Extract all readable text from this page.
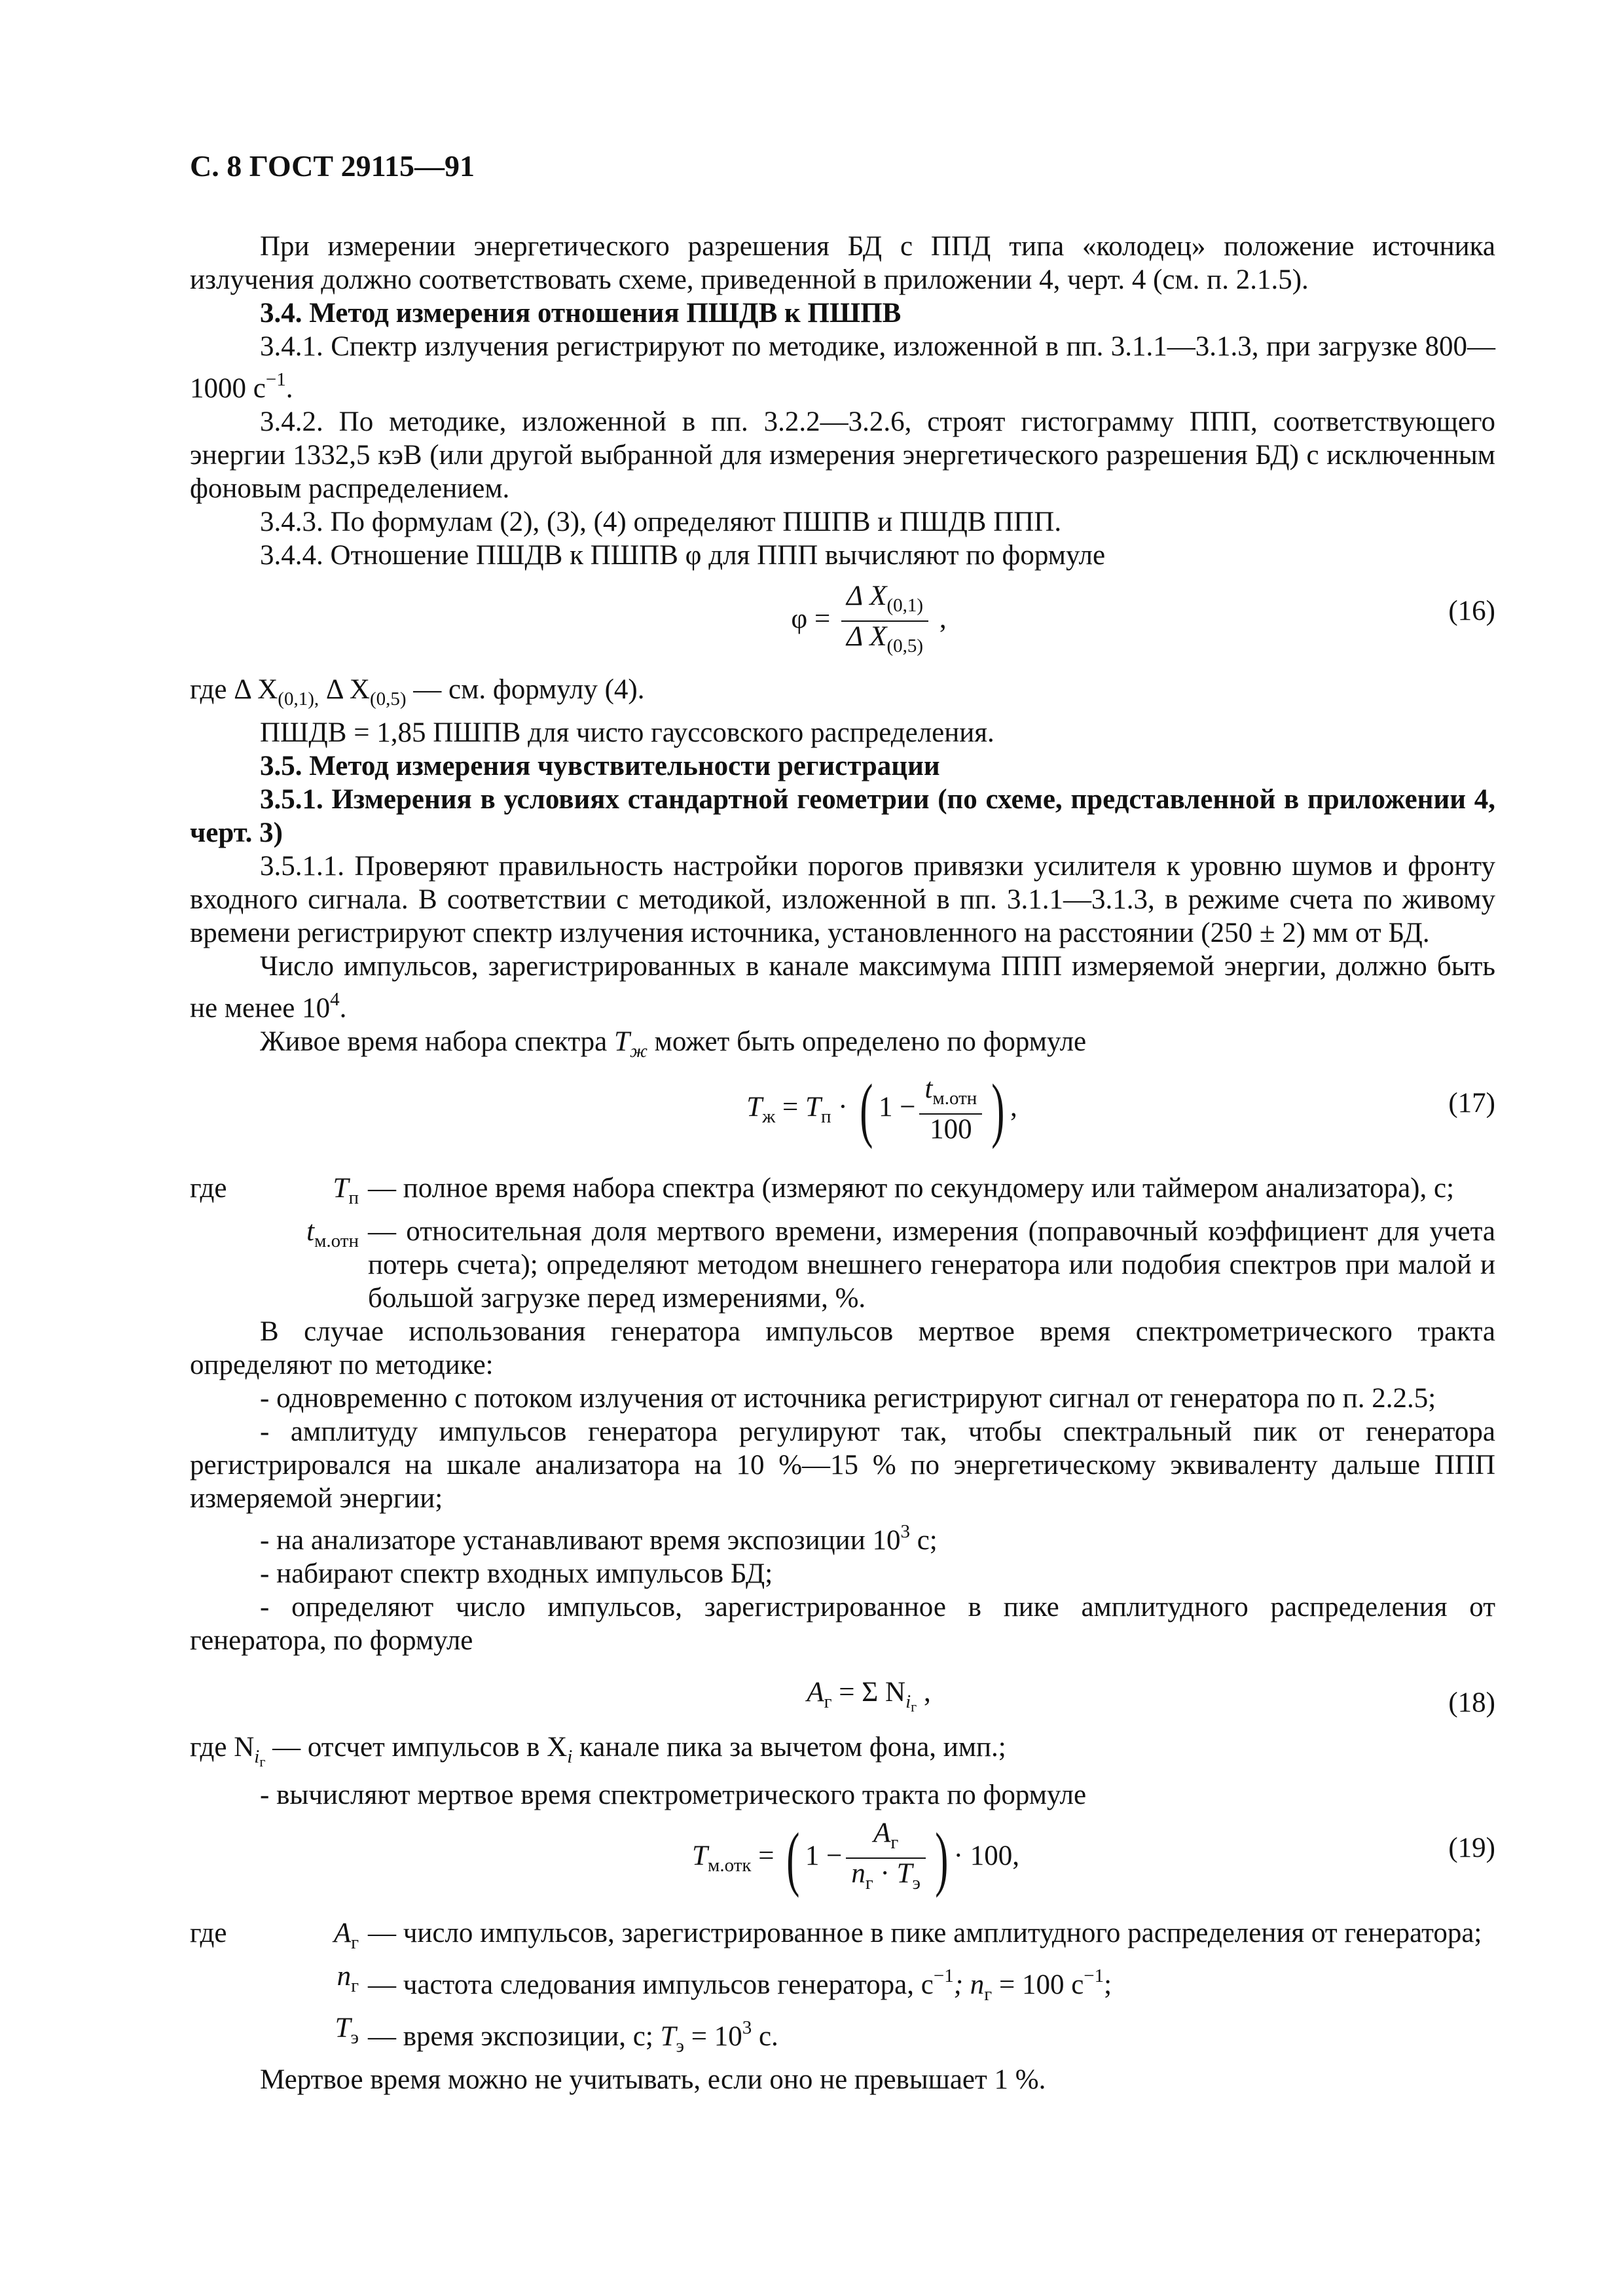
С. 8 ГОСТ 29115—91

При измерении энергетического разрешения БД с ППД типа «колодец» положение источника излучения должно соответствовать схеме, приведенной в приложении 4, черт. 4 (см. п. 2.1.5).

3.4. Метод измерения отношения ПШДВ к ПШПВ

3.4.1. Спектр излучения регистрируют по методике, изложенной в пп. 3.1.1—3.1.3, при загрузке 800—1000 $с^{-1}$.

3.4.2. По методике, изложенной в пп. 3.2.2—3.2.6, строят гистограмму ППП, соответствующего энергии 1332,5 кэВ (или другой выбранной для измерения энергетического разрешения БД) с исключенным фоновым распределением.

3.4.3. По формулам (2), (3), (4) определяют ПШПВ и ПШДВ ППП.

3.4.4. Отношение ПШДВ к ПШПВ φ для ППП вычисляют по формуле

$\varphi = \frac{\Delta X_{(0,1)}}{\Delta X_{(0,5)}}$ ,	(16)

где Δ $X_{(0,1),}$ Δ $X_{(0,5)}$ — см. формулу (4).

ПШДВ = 1,85 ПШПВ для чисто гауссовского распределения.

3.5. Метод измерения чувствительности регистрации

3.5.1. Измерения в условиях стандартной геометрии (по схеме, представленной в приложении 4, черт. 3)

3.5.1.1. Проверяют правильность настройки порогов привязки усилителя к уровню шумов и фронту входного сигнала. В соответствии с методикой, изложенной в пп. 3.1.1—3.1.3, в режиме счета по живому времени регистрируют спектр излучения источника, установленного на расстоянии (250 ± 2) мм от БД.

Число импульсов, зарегистрированных в канале максимума ППП измеряемой энергии, должно быть не менее $10^4$.

Живое время набора спектра $T_ж$ может быть определено по формуле

$T_ж = T_п$ · ( $1 - \frac{t_{м.отн}}{100}$ ) ,	(17)
где	$T_п$ — полное время набора спектра (измеряют по секундомеру или таймером анализатора), с;
$t_{м.отн}$ — относительная доля мертвого времени, измерения (поправочный коэффициент для учета потерь счета); определяют методом внешнего генератора или подобия спектров при малой и большой загрузке перед измерениями, %.

В случае использования генератора импульсов мертвое время спектрометрического тракта определяют по методике:

- одновременно с потоком излучения от источника регистрируют сигнал от генератора по п. 2.2.5;

- амплитуду импульсов генератора регулируют так, чтобы спектральный пик от генератора регистрировался на шкале анализатора на 10 %—15 % по энергетическому эквиваленту дальше ППП измеряемой энергии;

- на анализаторе устанавливают время экспозиции $10^3$ с;

- набирают спектр входных импульсов БД;

- определяют число импульсов, зарегистрированное в пике амплитудного распределения от генератора, по формуле

$A_г = \Sigma$ $N_{iг}$ ,	(18)

где $N_{iг}$ — отсчет импульсов в $X_i$ канале пика за вычетом фона, имп.;

- вычисляют мертвое время спектрометрического тракта по формуле

$T_{м.отк}$ = ( $1 - \frac{A_г}{n_г \cdot T_э}$ ) · 100,	(19)
где	$A_г$ — число импульсов, зарегистрированное в пике амплитудного распределения от генератора;
$n_г$ — частота следования импульсов генератора, $с^{-1}$; $n_г = 100$ $с^{-1}$;
$T_э$ — время экспозиции, с; $T_э = 10^3$ с.

Мертвое время можно не учитывать, если оно не превышает 1 %.
